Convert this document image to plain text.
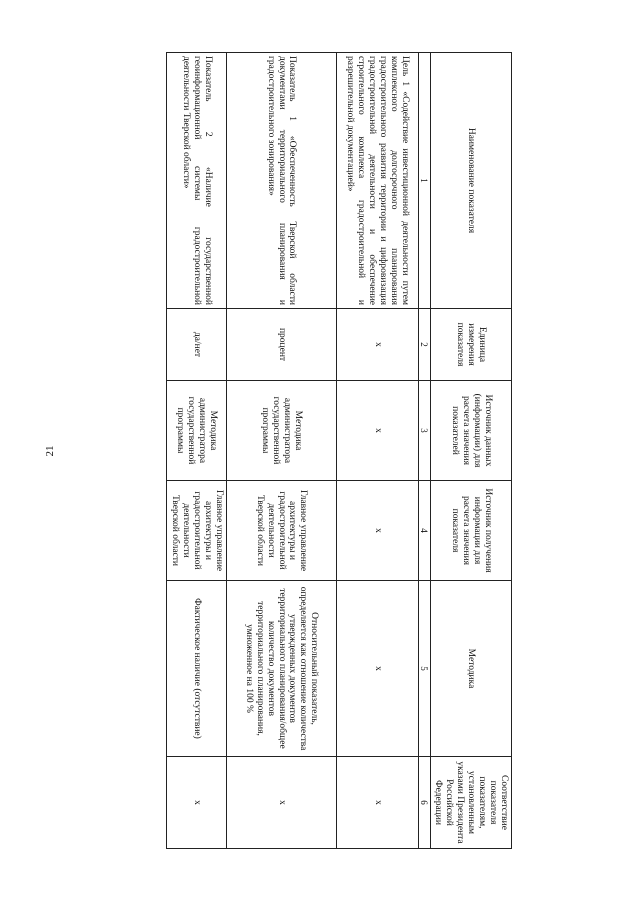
21
Наименование показателя	Единица измерения показателя	Источник данных (информации) для расчета значения показателей	Источник получения информации для расчета значения показателя	Методика	Соответствие показателя показателям, установленным указами Президента Российской Федерации
1	2	3	4	5	6
Цель 1 «Содействие инвестиционной деятельности путем комплексного долгосрочного планирования градостроительного развития территории и цифровизация градостроительной деятельности и обеспечение строительного комплекса градостроительной и разрешительной документацией»	x	x	x	x	x
Показатель 1 «Обеспеченность Тверской области документами территориального планирования и градостроительного зонирования»	процент	Методика администратора государственной программы	Главное управление архитектуры и градостроительной деятельности Тверской области	Относительный показатель, определяется как отношение количества утвержденных документов территориального планирования/общее количество документов территориального планирования, умноженное на 100 %	x
Показатель 2 «Наличие государственной геоинформационной системы градостроительной деятельности Тверской области»	да/нет	Методика администратора государственной программы	Главное управление архитектуры и градостроительной деятельности Тверской области	Фактическое наличие (отсутствие)	x
